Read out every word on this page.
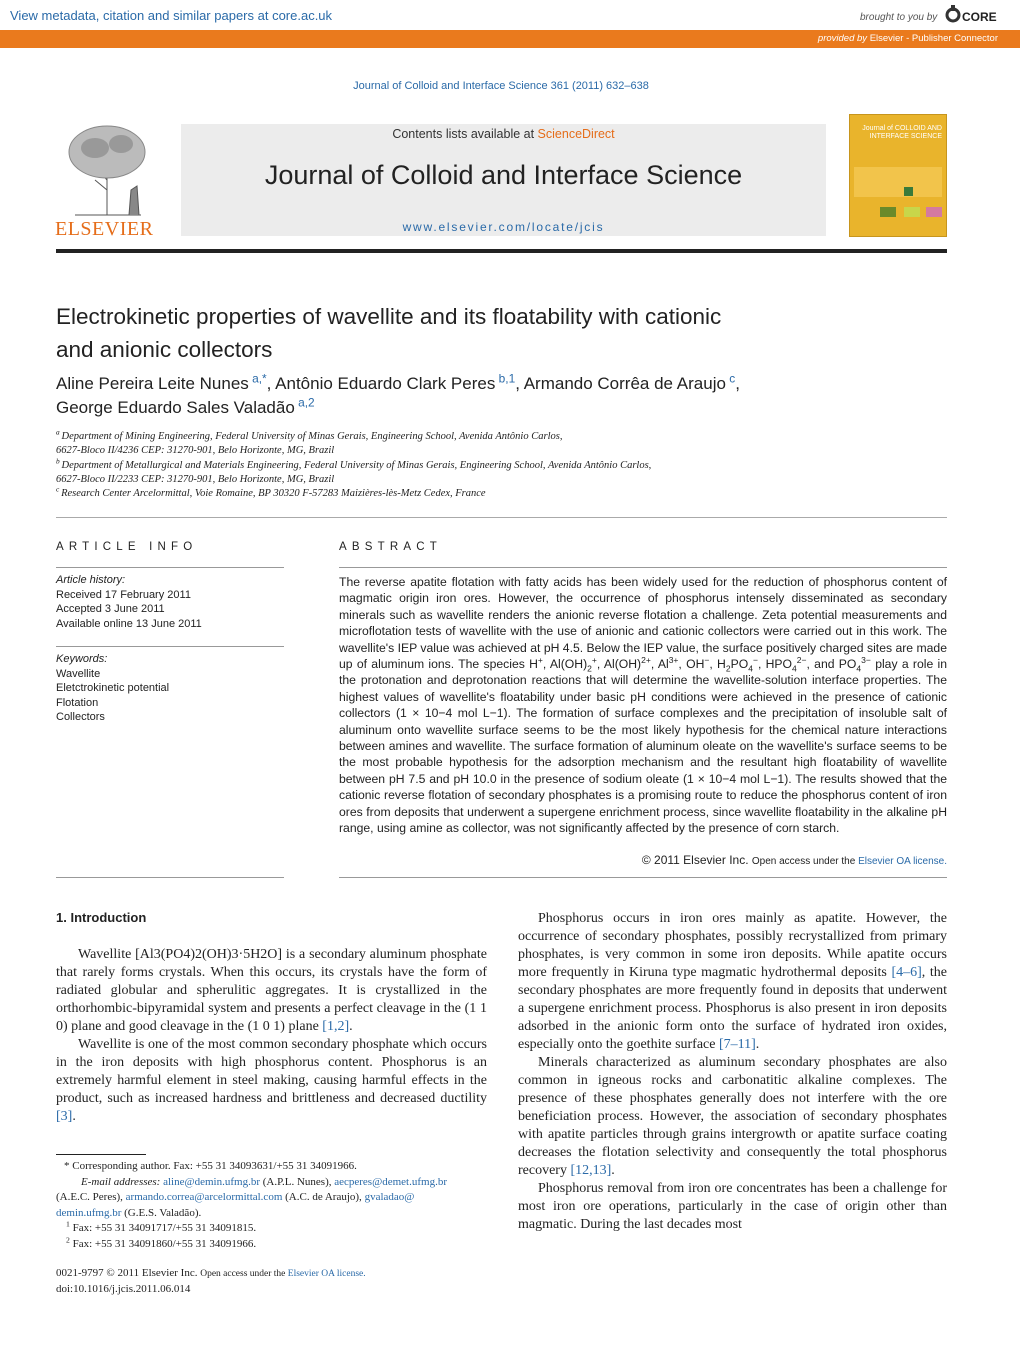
View metadata, citation and similar papers at core.ac.uk	brought to you by CORE
provided by Elsevier - Publisher Connector
Journal of Colloid and Interface Science 361 (2011) 632–638
ELSEVIER
Contents lists available at ScienceDirect
Journal of Colloid and Interface Science
www.elsevier.com/locate/jcis
Journal of COLLOID AND INTERFACE SCIENCE
Electrokinetic properties of wavellite and its floatability with cationic
and anionic collectors
Aline Pereira Leite Nunes $^{a,*}$, Antônio Eduardo Clark Peres $^{b,1}$, Armando Corrêa de Araujo $^c$,
George Eduardo Sales Valadão $^{a,2}$
$^a$ Department of Mining Engineering, Federal University of Minas Gerais, Engineering School, Avenida Antônio Carlos,
6627-Bloco II/4236 CEP: 31270-901, Belo Horizonte, MG, Brazil
$^b$ Department of Metallurgical and Materials Engineering, Federal University of Minas Gerais, Engineering School, Avenida Antônio Carlos,
6627-Bloco II/2233 CEP: 31270-901, Belo Horizonte, MG, Brazil
$^c$ Research Center Arcelormittal, Voie Romaine, BP 30320 F-57283 Maizières-lès-Metz Cedex, France
ARTICLE INFO
Article history:
Received 17 February 2011
Accepted 3 June 2011
Available online 13 June 2011
Keywords:
Wavellite
Eletctrokinetic potential
Flotation
Collectors
ABSTRACT
The reverse apatite flotation with fatty acids has been widely used for the reduction of phosphorus content of magmatic origin iron ores. However, the occurrence of phosphorus intensely disseminated as secondary minerals such as wavellite renders the anionic reverse flotation a challenge. Zeta potential measurements and microflotation tests of wavellite with the use of anionic and cationic collectors were carried out in this work. The wavellite's IEP value was achieved at pH 4.5. Below the IEP value, the surface positively charged sites are made up of aluminum ions. The species H+, $Al(OH)_2^+$, Al(OH)$^{2+}$, $Al^{3+}$, OH−, $H_2PO_4^-$, $HPO_4^{2-}$, and $PO_4^{3-}$ play a role in the protonation and deprotonation reactions that will determine the wavellite-solution interface properties. The highest values of wavellite's floatability under basic pH conditions were achieved in the presence of cationic collectors (1 × 10−4 mol L−1). The formation of surface complexes and the precipitation of insoluble salt of aluminum onto wavellite surface seems to be the most likely hypothesis for the chemical nature interactions between amines and wavellite. The surface formation of aluminum oleate on the wavellite's surface seems to be the most probable hypothesis for the adsorption mechanism and the resultant high floatability of wavellite between pH 7.5 and pH 10.0 in the presence of sodium oleate (1 × 10−4 mol L−1). The results showed that the cationic reverse flotation of secondary phosphates is a promising route to reduce the phosphorus content of iron ores from deposits that underwent a supergene enrichment process, since wavellite floatability in the alkaline pH range, using amine as collector, was not significantly affected by the presence of corn starch.
© 2011 Elsevier Inc. Open access under the Elsevier OA license.
1. Introduction

Wavellite [Al3(PO4)2(OH)3·5H2O] is a secondary aluminum phosphate that rarely forms crystals. When this occurs, its crystals have the form of radiated globular and spherulitic aggregates. It is crystallized in the orthorhombic-bipyramidal system and presents a perfect cleavage in the (1 1 0) plane and good cleavage in the (1 0 1) plane [1,2].

Wavellite is one of the most common secondary phosphate which occurs in the iron deposits with high phosphorus content. Phosphorus is an extremely harmful element in steel making, causing harmful effects in the product, such as increased hardness and brittleness and decreased ductility [3].

* Corresponding author. Fax: +55 31 34093631/+55 31 34091966.
E-mail addresses: aline@demin.ufmg.br (A.P.L. Nunes), aecperes@demet.ufmg.br
(A.E.C. Peres), armando.correa@arcelormittal.com (A.C. de Araujo), gvaladao@
demin.ufmg.br (G.E.S. Valadão).
$^1$ Fax: +55 31 34091717/+55 31 34091815.
$^2$ Fax: +55 31 34091860/+55 31 34091966.
0021-9797 © 2011 Elsevier Inc. Open access under the Elsevier OA license.
doi:10.1016/j.jcis.2011.06.014

Phosphorus occurs in iron ores mainly as apatite. However, the occurrence of secondary phosphates, possibly recrystallized from primary phosphates, is very common in some iron deposits. While apatite occurs more frequently in Kiruna type magmatic hydrothermal deposits [4–6], the secondary phosphates are more frequently found in deposits that underwent a supergene enrichment process. Phosphorus is also present in iron deposits adsorbed in the anionic form onto the surface of hydrated iron oxides, especially onto the goethite surface [7–11].

Minerals characterized as aluminum secondary phosphates are also common in igneous rocks and carbonatitic alkaline complexes. The presence of these phosphates generally does not interfere with the ore beneficiation process. However, the association of secondary phosphates with apatite particles through grains intergrowth or apatite surface coating decreases the flotation selectivity and consequently the total phosphorus recovery [12,13].

Phosphorus removal from iron ore concentrates has been a challenge for most iron ore operations, particularly in the case of origin other than magmatic. During the last decades most
